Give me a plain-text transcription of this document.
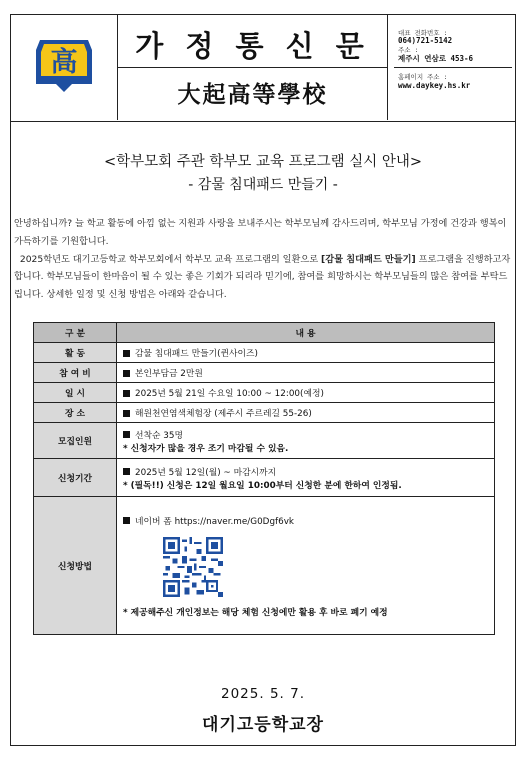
高	가 정 통 신 문
大起高等學校
대표 전화번호 :
064)721-5142
주소 :
제주시 연삼로 453-6
홈페이지 주소 :
www.daykey.hs.kr
<학부모회 주관 학부모 교육 프로그램 실시 안내>
- 감물 침대패드 만들기 -

안녕하십니까? 늘 학교 활동에 아낌 없는 지원과 사랑을 보내주시는 학부모님께 감사드리며, 학부모님 가정에 건강과 행복이 가득하기를 기원합니다.

2025학년도 대기고등학교 학부모회에서 학부모 교육 프로그램의 일환으로 [감물 침대패드 만들기] 프로그램을 진행하고자 합니다. 학부모님들이 한마음이 될 수 있는 좋은 기회가 되리라 믿기에, 참여를 희망하시는 학부모님들의 많은 참여를 부탁드립니다. 상세한 일정 및 신청 방법은 아래와 같습니다.

구 분	내 용
활 동	감물 침대패드 만들기(퀸사이즈)
참 여 비	본인부담금 2만원
일 시	2025년 5월 21일 수요일 10:00 ~ 12:00(예정)
장 소	해원천연염색체험장 (제주시 주르레길 55-26)
모집인원	선착순 35명
* 신청자가 많을 경우 조기 마감될 수 있음.

신청기간	2025년 5월 12일(월) ~ 마감시까지
* (필독!!) 신청은 12일 월요일 10:00부터 신청한 분에 한하여 인정됨.

신청방법	네이버 폼 https://naver.me/G0Dgf6vk
* 제공해주신 개인정보는 해당 체험 신청에만 활용 후 바로 폐기 예정
2025. 5. 7.
대기고등학교장
